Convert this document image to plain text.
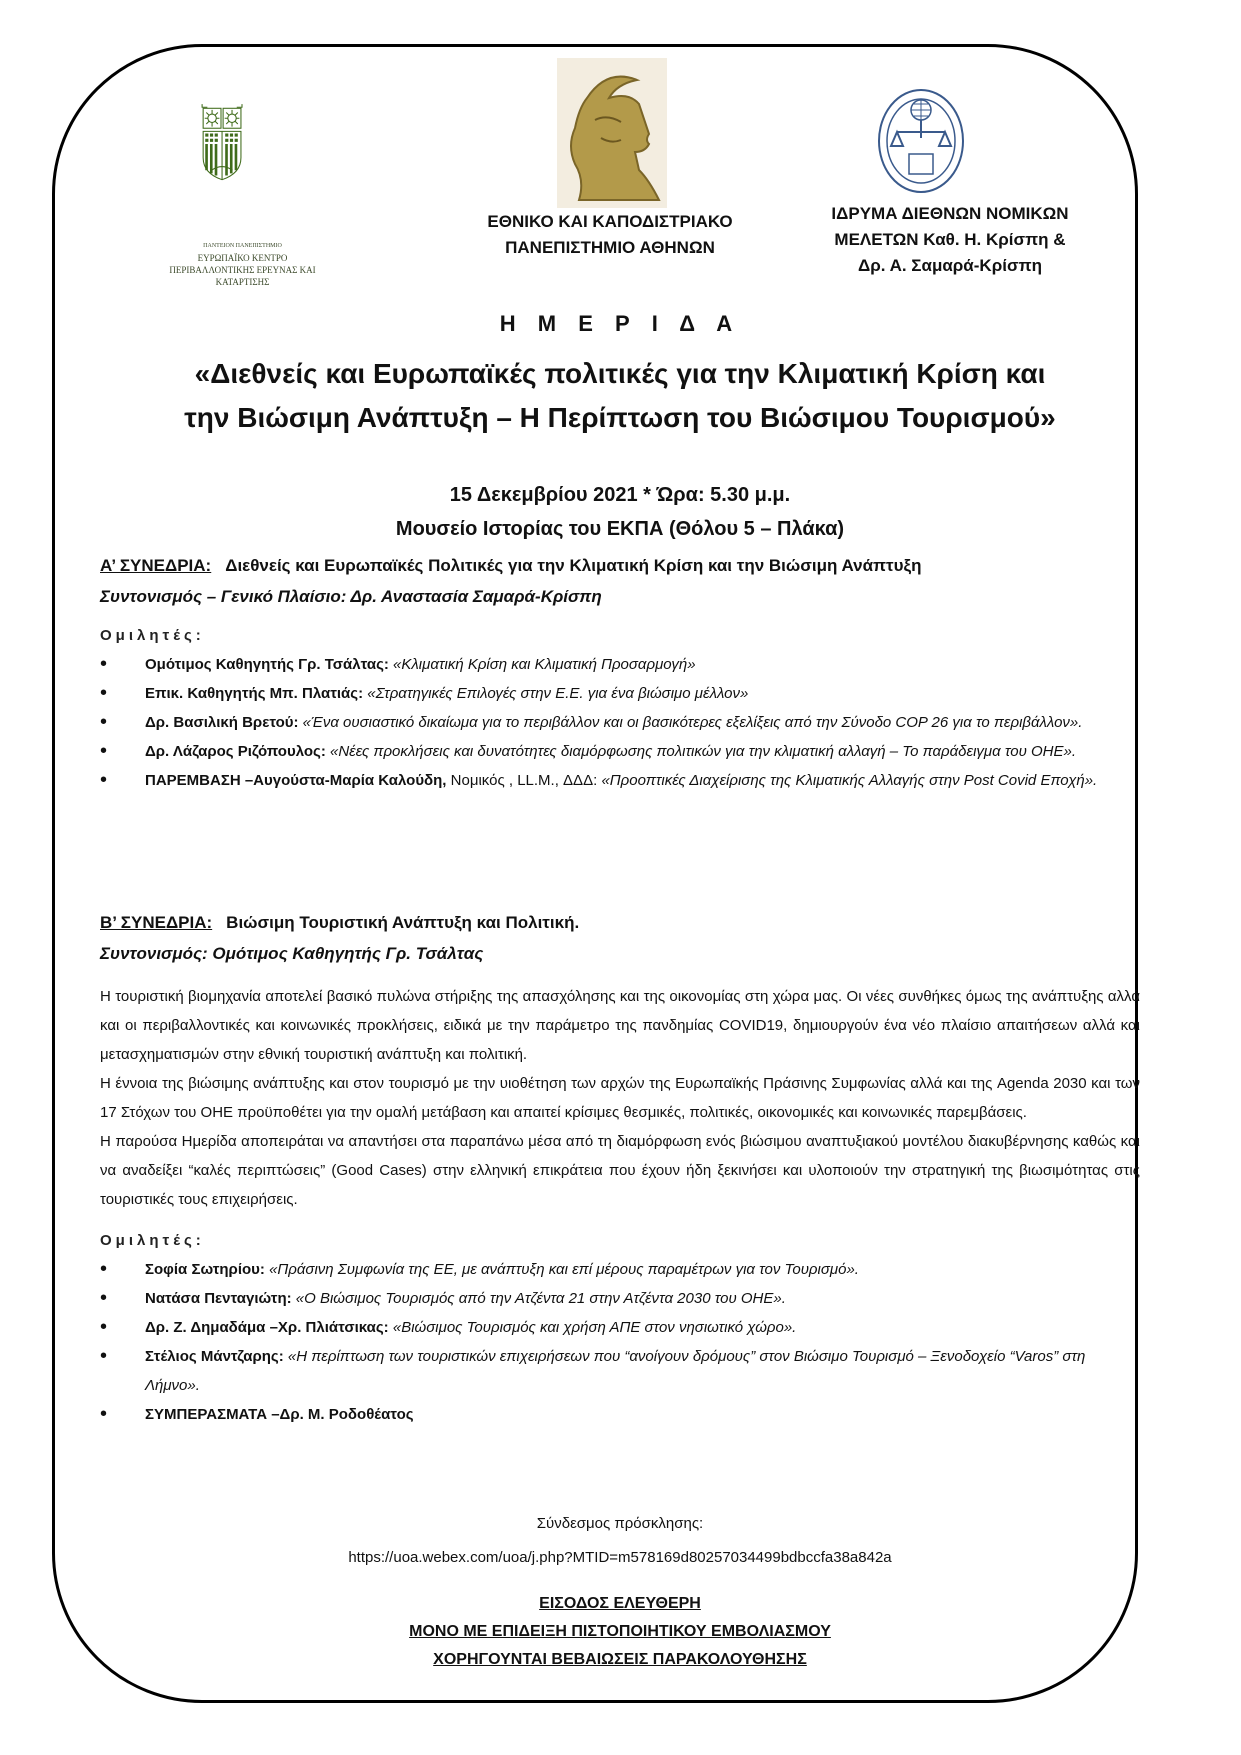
ΠΑΝΤΕΙΟΝ ΠΑΝΕΠΙΣΤΗΜΙΟ
ΕΥΡΩΠΑΪΚΟ ΚΕΝΤΡΟ
ΠΕΡΙΒΑΛΛΟΝΤΙΚΗΣ ΕΡΕΥΝΑΣ ΚΑΙ
ΚΑΤΑΡΤΙΣΗΣ
ΕΘΝΙΚΟ ΚΑΙ ΚΑΠΟΔΙΣΤΡΙΑΚΟ
ΠΑΝΕΠΙΣΤΗΜΙΟ ΑΘΗΝΩΝ
ΙΔΡΥΜΑ ΔΙΕΘΝΩΝ ΝΟΜΙΚΩΝ
ΜΕΛΕΤΩΝ Καθ. Η. Κρίσπη &
Δρ. Α. Σαμαρά-Κρίσπη
Η Μ Ε Ρ Ι Δ Α
«Διεθνείς και Ευρωπαϊκές πολιτικές για την Κλιματική Κρίση και
την Βιώσιμη Ανάπτυξη – Η Περίπτωση του Βιώσιμου Τουρισμού»
15 Δεκεμβρίου 2021 * Ώρα: 5.30 μ.μ.
Μουσείο Ιστορίας του ΕΚΠΑ (Θόλου 5 – Πλάκα)
Α’ ΣΥΝΕΔΡΙΑ: Διεθνείς και Ευρωπαϊκές Πολιτικές για την Κλιματική Κρίση και την Βιώσιμη Ανάπτυξη
Συντονισμός – Γενικό Πλαίσιο: Δρ. Αναστασία Σαμαρά-Κρίσπη
Ομιλητές:
• Ομότιμος Καθηγητής Γρ. Τσάλτας: «Κλιματική Κρίση και Κλιματική Προσαρμογή»
• Επικ. Καθηγητής Μπ. Πλατιάς: «Στρατηγικές Επιλογές στην Ε.Ε. για ένα βιώσιμο μέλλον»
• Δρ. Βασιλική Βρετού: «Ένα ουσιαστικό δικαίωμα για το περιβάλλον και οι βασικότερες εξελίξεις από την Σύνοδο COP 26 για το περιβάλλον».
• Δρ. Λάζαρος Ριζόπουλος: «Νέες προκλήσεις και δυνατότητες διαμόρφωσης πολιτικών για την κλιματική αλλαγή – Το παράδειγμα του ΟΗΕ».
• ΠΑΡΕΜΒΑΣΗ –Αυγούστα-Μαρία Καλούδη, Νομικός , LL.M., ΔΔΔ: «Προοπτικές Διαχείρισης της Κλιματικής Αλλαγής στην Post Covid Εποχή».
Β’ ΣΥΝΕΔΡΙΑ: Βιώσιμη Τουριστική Ανάπτυξη και Πολιτική.
Συντονισμός: Ομότιμος Καθηγητής Γρ. Τσάλτας
Η τουριστική βιομηχανία αποτελεί βασικό πυλώνα στήριξης της απασχόλησης και της οικονομίας στη χώρα μας. Οι νέες συνθήκες όμως της ανάπτυξης αλλά και οι περιβαλλοντικές και κοινωνικές προκλήσεις, ειδικά με την παράμετρο της πανδημίας COVID19, δημιουργούν ένα νέο πλαίσιο απαιτήσεων αλλά και μετασχηματισμών στην εθνική τουριστική ανάπτυξη και πολιτική.
Η έννοια της βιώσιμης ανάπτυξης και στον τουρισμό με την υιοθέτηση των αρχών της Ευρωπαϊκής Πράσινης Συμφωνίας αλλά και της Agenda 2030 και των 17 Στόχων του ΟΗΕ προϋποθέτει για την ομαλή μετάβαση και απαιτεί κρίσιμες θεσμικές, πολιτικές, οικονομικές και κοινωνικές παρεμβάσεις.
Η παρούσα Ημερίδα αποπειράται να απαντήσει στα παραπάνω μέσα από τη διαμόρφωση ενός βιώσιμου αναπτυξιακού μοντέλου διακυβέρνησης καθώς και να αναδείξει “καλές περιπτώσεις” (Good Cases) στην ελληνική επικράτεια που έχουν ήδη ξεκινήσει και υλοποιούν την στρατηγική της βιωσιμότητας στις τουριστικές τους επιχειρήσεις.
Ομιλητές:
• Σοφία Σωτηρίου: «Πράσινη Συμφωνία της ΕΕ, με ανάπτυξη και επί μέρους παραμέτρων για τον Τουρισμό».
• Νατάσα Πενταγιώτη: «Ο Βιώσιμος Τουρισμός από την Ατζέντα 21 στην Ατζέντα 2030 του ΟΗΕ».
• Δρ. Ζ. Δημαδάμα –Χρ. Πλιάτσικας: «Βιώσιμος Τουρισμός και χρήση ΑΠΕ στον νησιωτικό χώρο».
• Στέλιος Μάντζαρης: «Η περίπτωση των τουριστικών επιχειρήσεων που “ανοίγουν δρόμους” στον Βιώσιμο Τουρισμό – Ξενοδοχείο “Varos” στη Λήμνο».
• ΣΥΜΠΕΡΑΣΜΑΤΑ –Δρ. Μ. Ροδοθέατος
Σύνδεσμος πρόσκλησης:
https://uoa.webex.com/uoa/j.php?MTID=m578169d80257034499bdbccfa38a842a
ΕΙΣΟΔΟΣ ΕΛΕΥΘΕΡΗ
ΜΟΝΟ ΜΕ ΕΠΙΔΕΙΞΗ ΠΙΣΤΟΠΟΙΗΤΙΚΟΥ ΕΜΒΟΛΙΑΣΜΟΥ
ΧΟΡΗΓΟΥΝΤΑΙ ΒΕΒΑΙΩΣΕΙΣ ΠΑΡΑΚΟΛΟΥΘΗΣΗΣ
